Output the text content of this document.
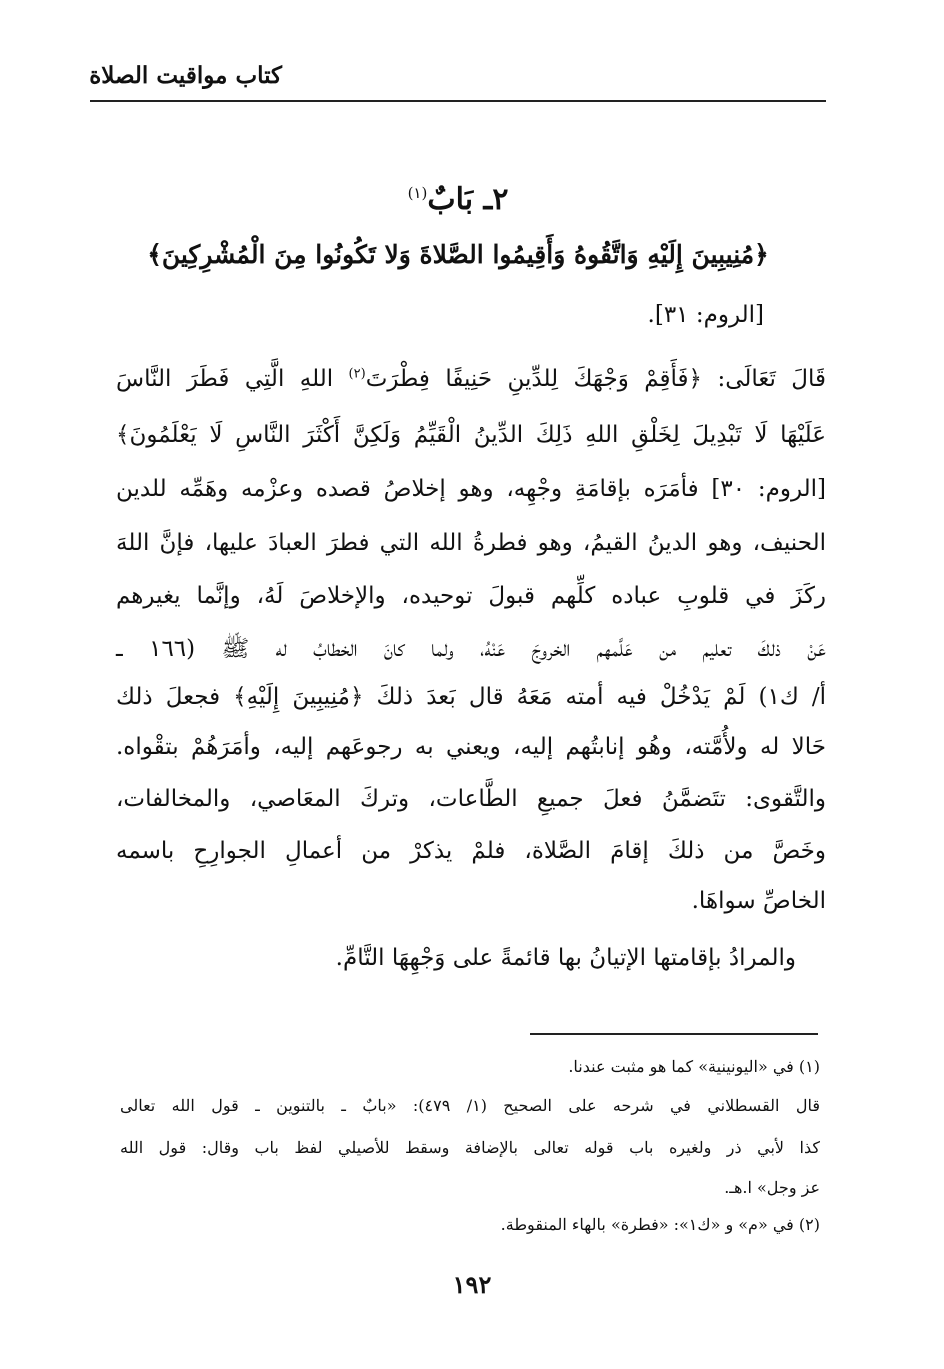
كتاب مواقيت الصلاة
٢ـ بَابٌ$^{(١)}$
﴿مُنِيبِينَ إِلَيْهِ وَاتَّقُوهُ وَأَقِيمُوا الصَّلاةَ وَلا تَكُونُوا مِنَ الْمُشْرِكِينَ﴾
[الروم: ٣١].
قَالَ تَعَالَى: ﴿فَأَقِمْ وَجْهَكَ لِلدِّينِ حَنِيفًا فِطْرَتَ$^{(٢)}$ اللهِ الَّتِي فَطَرَ النَّاسَ
عَلَيْهَا لَا تَبْدِيلَ لِخَلْقِ اللهِ ذَلِكَ الدِّينُ الْقَيِّمُ وَلَكِنَّ أَكْثَرَ النَّاسِ لَا يَعْلَمُونَ﴾
[الروم: ٣٠] فأمَرَه بإقامَةِ وجْهِه، وهو إخلاصُ قصده وعزْمه وهَمِّه للدين
الحنيف، وهو الدينُ القيمُ، وهو فطرةُ الله التي فطرَ العبادَ عليها، فإنَّ اللهَ
ركَزَ في قلوبِ عباده كلِّهم قبولَ توحيده، والإخلاصَ لَهُ، وإنَّما يغيرهم
عَنْ ذلكَ تعليم من عَلَّمهم الخروجَ عَنْهُ، ولما كانَ الخطابُ له ﷺ (١٦٦ ـ
أ/ ك١) لَمْ يَدْخُلْ فيه أمته مَعَهُ قال بَعدَ ذلكَ ﴿مُنِيبِينَ إِلَيْهِ﴾ فجعلَ ذلك
حَالا له ولأُمَّته، وهُو إنابتُهم إليه، ويعني به رجوعَهم إليه، وأمَرَهُمْ بتقْواه.
والتَّقوى: تتَضمَّنُ فعلَ جميعِ الطَّاعات، وتركَ المعَاصي، والمخالفات،
وخَصَّ من ذلكَ إقامَ الصَّلاة، فلمْ يذكرْ من أعمالِ الجوارِحِ باسمه
الخاصِّ سواهَا.
والمرادُ بإقامتها الإتيانُ بها قائمةً على وَجْهِهَا التَّامِّ.
(١) في «اليونينية» كما هو مثبت عندنا.
قال القسطلاني في شرحه على الصحيح (١/ ٤٧٩): «بابٌ ـ بالتنوين ـ قول الله تعالى
كذا لأبي ذر ولغيره باب قوله تعالى بالإضافة وسقط للأصيلي لفظ باب وقال: قول الله
عز وجل» ا.هـ.
(٢) في «م» و «ك١»: «فطرة» بالهاء المنقوطة.
١٩٢
